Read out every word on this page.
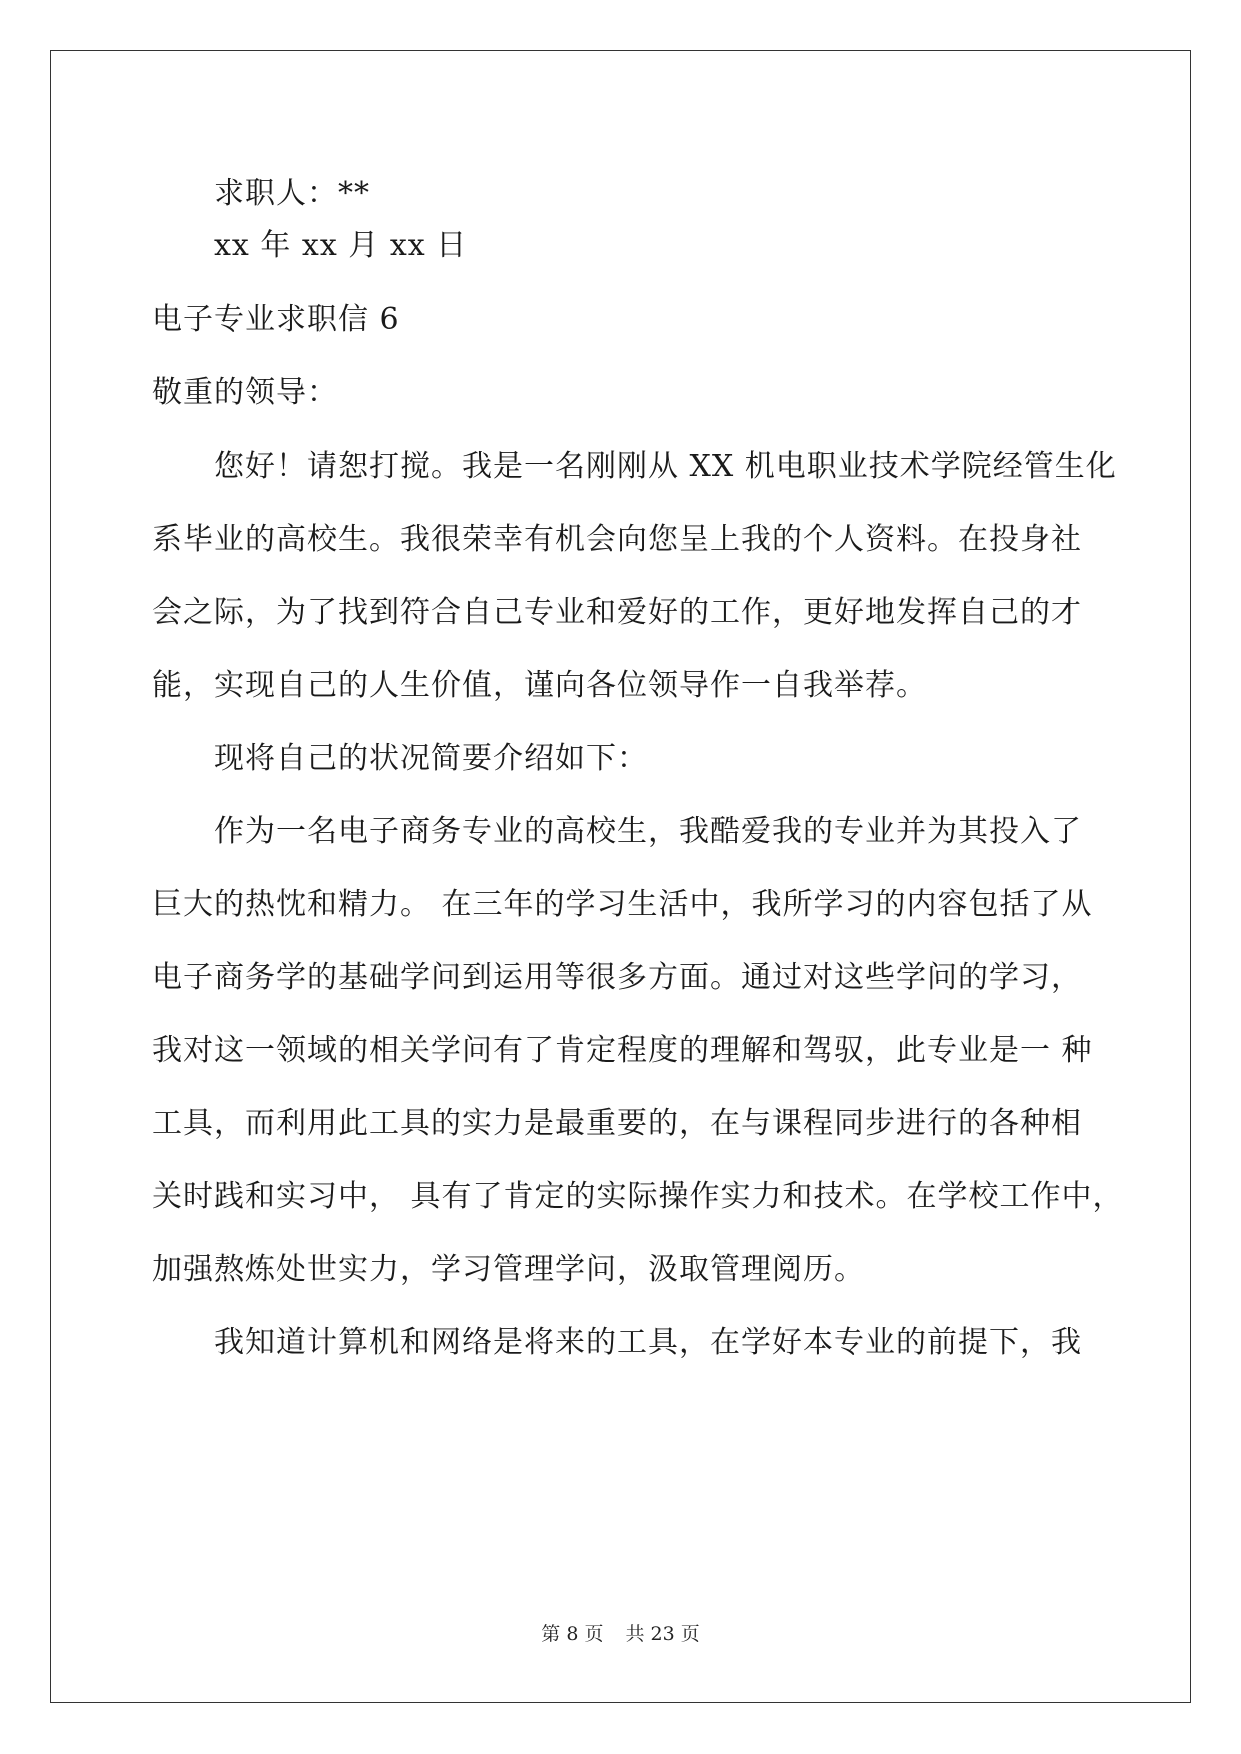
求职人：**
xx 年 xx 月 xx 日
电子专业求职信 6
敬重的领导：
您好！请恕打搅。我是一名刚刚从 XX 机电职业技术学院经管生化
系毕业的高校生。我很荣幸有机会向您呈上我的个人资料。在投身社
会之际，为了找到符合自己专业和爱好的工作，更好地发挥自己的才
能，实现自己的人生价值，谨向各位领导作一自我举荐。
现将自己的状况简要介绍如下：
作为一名电子商务专业的高校生，我酷爱我的专业并为其投入了
巨大的热忱和精力。 在三年的学习生活中，我所学习的内容包括了从
电子商务学的基础学问到运用等很多方面。通过对这些学问的学习，
我对这一领域的相关学问有了肯定程度的理解和驾驭，此专业是一 种
工具，而利用此工具的实力是最重要的，在与课程同步进行的各种相
关时践和实习中， 具有了肯定的实际操作实力和技术。在学校工作中，
加强熬炼处世实力，学习管理学问，汲取管理阅历。
我知道计算机和网络是将来的工具，在学好本专业的前提下，我
第 8 页 共 23 页
